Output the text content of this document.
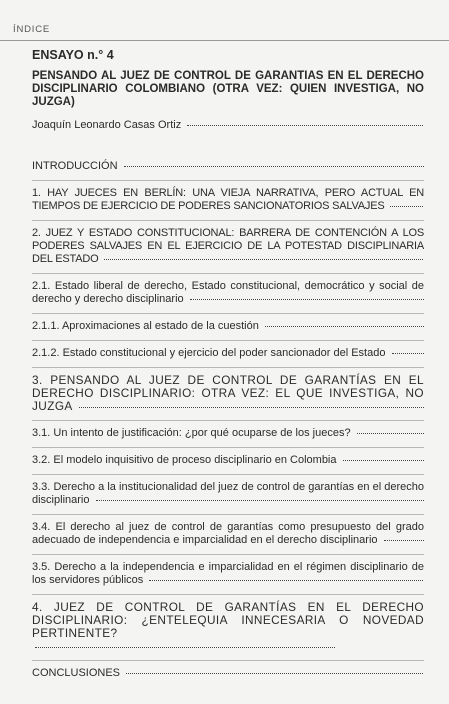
ÍNDICE
ENSAYO n.° 4
PENSANDO AL JUEZ DE CONTROL DE GARANTIAS EN EL DERECHO DISCIPLINARIO COLOMBIANO (OTRA VEZ: QUIEN INVESTIGA, NO JUZGA)
Joaquín Leonardo Casas Ortiz
INTRODUCCIÓN
1. HAY JUECES EN BERLÍN: UNA VIEJA NARRATIVA, PERO ACTUAL EN TIEMPOS DE EJERCICIO DE PODERES SANCIONATORIOS SALVAJES
2. JUEZ Y ESTADO CONSTITUCIONAL: BARRERA DE CONTENCIÓN A LOS PODERES SALVAJES EN EL EJERCICIO DE LA POTESTAD DISCIPLINARIA DEL ESTADO
2.1. Estado liberal de derecho, Estado constitucional, democrático y social de derecho y derecho disciplinario
2.1.1. Aproximaciones al estado de la cuestión
2.1.2. Estado constitucional y ejercicio del poder sancionador del Estado
3. PENSANDO AL JUEZ DE CONTROL DE GARANTÍAS EN EL DERECHO DISCIPLINARIO: OTRA VEZ: EL QUE INVESTIGA, NO JUZGA
3.1. Un intento de justificación: ¿por qué ocuparse de los jueces?
3.2. El modelo inquisitivo de proceso disciplinario en Colombia
3.3. Derecho a la institucionalidad del juez de control de garantías en el derecho disciplinario
3.4. El derecho al juez de control de garantías como presupuesto del grado adecuado de independencia e imparcialidad en el derecho disciplinario
3.5. Derecho a la independencia e imparcialidad en el régimen disciplinario de los servidores públicos
4. JUEZ DE CONTROL DE GARANTÍAS EN EL DERECHO DISCIPLINARIO: ¿ENTELEQUIA INNECESARIA O NOVEDAD PERTINENTE?
CONCLUSIONES
